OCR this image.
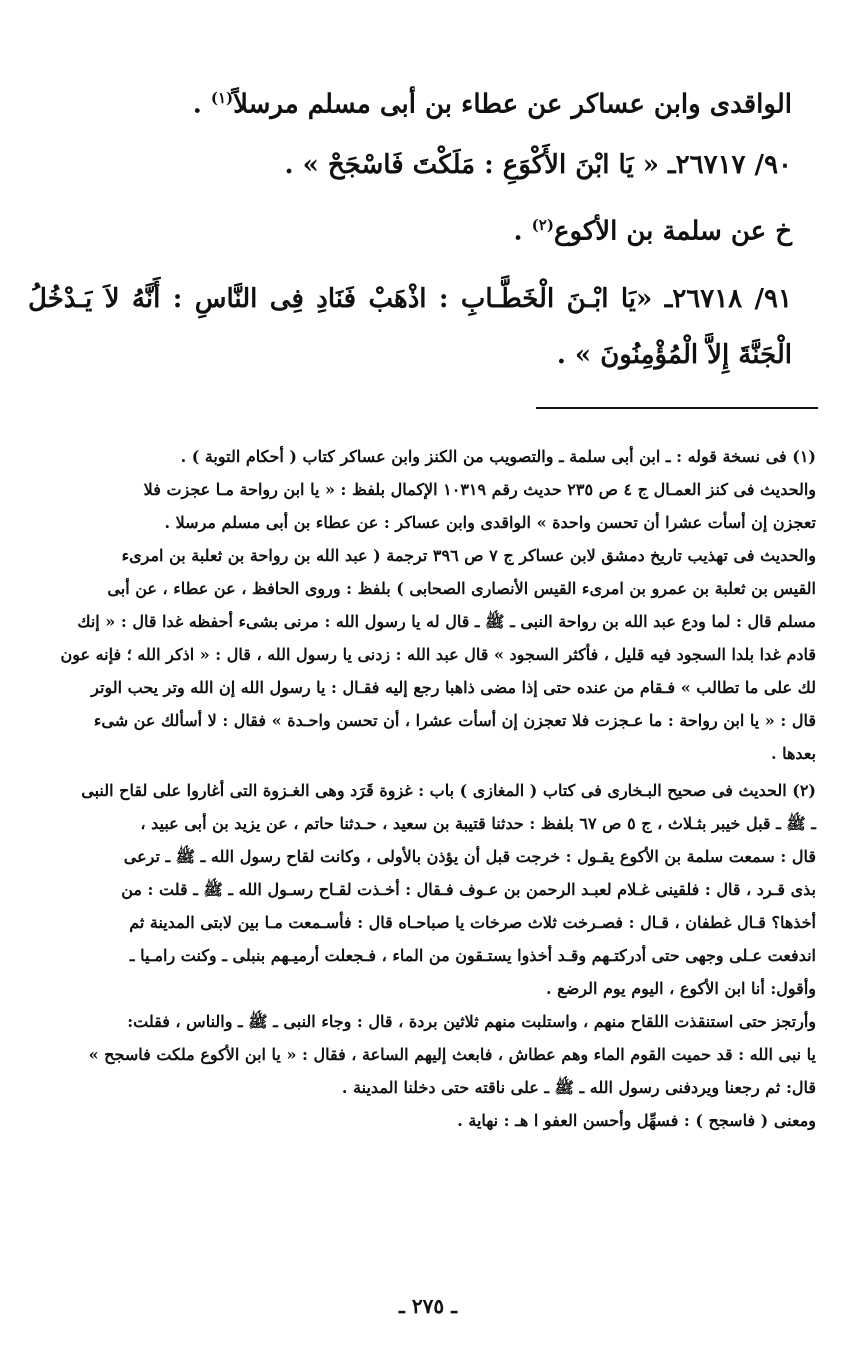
الواقدى وابن عساكر عن عطاء بن أبى مسلم مرسلاً$^{(١)}$ .

٩٠/ ٢٦٧١٧ـ « يَا ابْنَ الأَكْوَعِ : مَلَكْتَ فَاسْجَحْ » .

خ عن سلمة بن الأكوع$^{(٢)}$ .

٩١/ ٢٦٧١٨ـ «يَا ابْـنَ الْخَطَّـابِ : اذْهَبْ فَنَادِ فِى النَّاسِ : أَنَّهُ لاَ يَـدْخُلُ الْجَنَّةَ إِلاَّ الْمُؤْمِنُونَ » .

(١) فى نسخة قوله : ـ ابن أبى سلمة ـ والتصويب من الكنز وابن عساكر كتاب ( أحكام التوبة ) .

والحديث فى كنز العمـال ج ٤ ص ٢٣٥ حديث رقم ١٠٣١٩ الإكمال بلفظ : « يا ابن رواحة مـا عجزت فلا

تعجزن إن أسأت عشرا أن تحسن واحدة » الواقدى وابن عساكر : عن عطاء بن أبى مسلم مرسلا .

والحديث فى تهذيب تاريخ دمشق لابن عساكر ج ٧ ص ٣٩٦ ترجمة ( عبد الله بن رواحة بن ثعلبة بن امرىء

القيس بن ثعلبة بن عمرو بن امرىء القيس الأنصارى الصحابى ) بلفظ : وروى الحافظ ، عن عطاء ، عن أبى

مسلم قال : لما ودع عبد الله بن رواحة النبى ـ ﷺ ـ قال له يا رسول الله : مرنى بشىء أحفظه غدا قال : « إنك

قادم غدا بلدا السجود فيه قليل ، فأكثر السجود » قال عبد الله : زدنى يا رسول الله ، قال : « اذكر الله ؛ فإنه عون

لك على ما تطالب » فـقام من عنده حتى إذا مضى ذاهبا رجع إليه فقـال : يا رسول الله إن الله وتر يحب الوتر

قال : « يا ابن رواحة : ما عـجزت فلا تعجزن إن أسأت عشرا ، أن تحسن واحـدة » فقال : لا أسألك عن شىء

بعدها .

(٢) الحديث فى صحيح البـخارى فى كتاب ( المغازى ) باب : غزوة قَرَد وهى الغـزوة التى أغاروا على لقاح النبى

ـ ﷺ ـ قبل خيبر بثـلاث ، ج ٥ ص ٦٧ بلفظ : حدثنا قتيبة بن سعيد ، حـدثنا حاتم ، عن يزيد بن أبى عبيد ،

قال : سمعت سلمة بن الأكوع يقـول : خرجت قبل أن يؤذن بالأولى ، وكانت لقاح رسول الله ـ ﷺ ـ ترعى

بذى قـرد ، قال : فلقينى غـلام لعبـد الرحمن بن عـوف فـقال : أخـذت لقـاح رسـول الله ـ ﷺ ـ قلت : من

أخذها؟ قـال غطفان ، قـال : فصـرخت ثلاث صرخات يا صباحـاه قال : فأسـمعت مـا بين لابتى المدينة ثم

اندفعت عـلى وجهى حتى أدركتـهم وقـد أخذوا يستـقون من الماء ، فـجعلت أرميـهم بنبلى ـ وكنت رامـيا ـ

وأقول: أنا ابن الأكوع ، اليوم يوم الرضع .

وأرتجز حتى استنقذت اللقاح منهم ، واستلبت منهم ثلاثين بردة ، قال : وجاء النبى ـ ﷺ ـ والناس ، فقلت:

يا نبى الله : قد حميت القوم الماء وهم عطاش ، فابعث إليهم الساعة ، فقال : « يا ابن الأكوع ملكت فاسجح »

قال: ثم رجعنا ويردفنى رسول الله ـ ﷺ ـ على ناقته حتى دخلنا المدينة .

ومعنى ( فاسجح ) : فسهِّل وأحسن العفو ا هـ : نهاية .

ـ ٢٧٥ ـ
